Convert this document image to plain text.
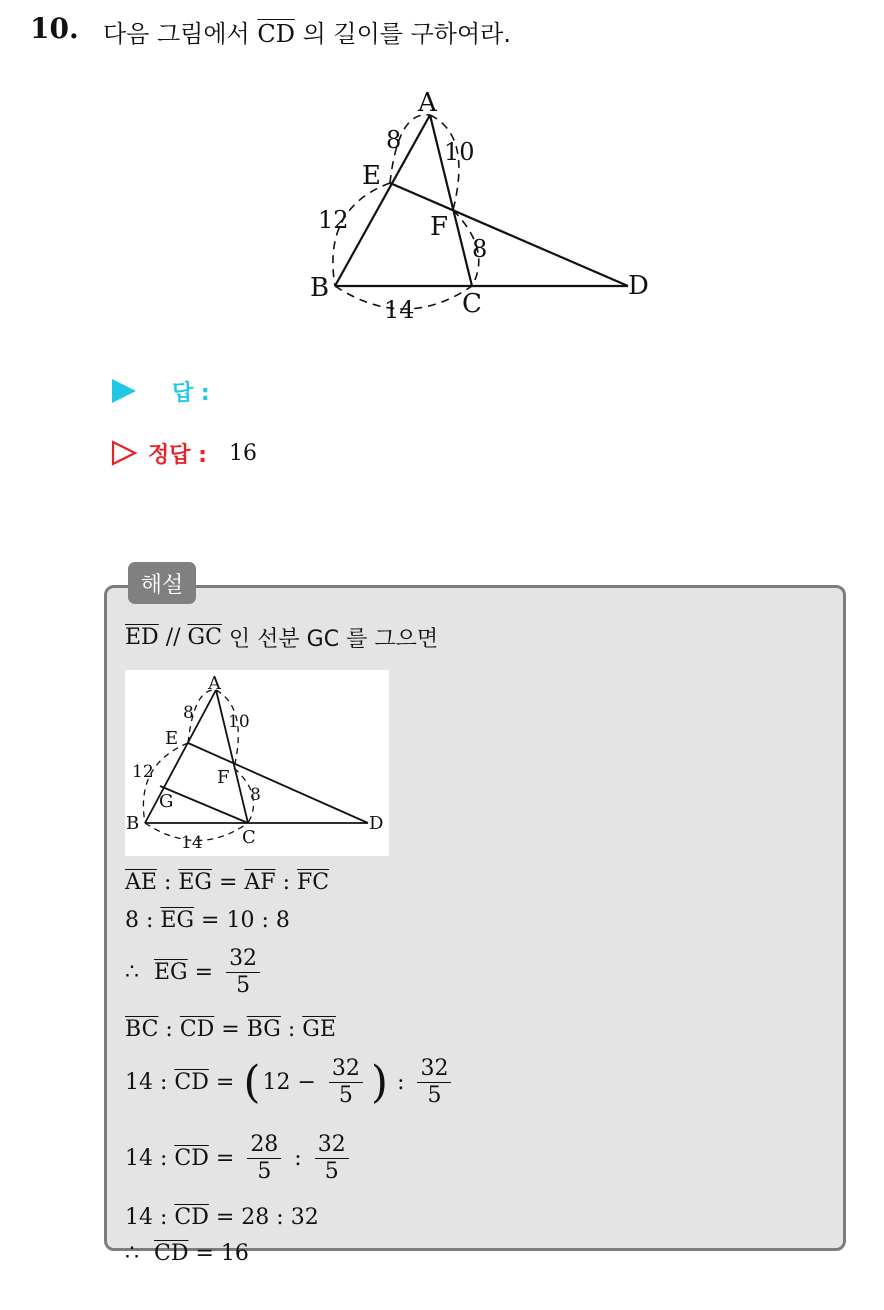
10. 다음 그림에서 $\overline{CD}$ 의 길이를 구하여라.
A
B
C
D
E
F
8
12
10
8
14
답 :
정답 : 16
해설
$\overline{ED} // \overline{GC}$ 인 선분 GC 를 그으면
A
B
C
D
E
F
G
8
12
10
8
14
$\overline{AE}$ : $\overline{EG} = \overline{AF}$ : $\overline{FC}$
8 : $\overline{EG} = 10$ : 8
∴ $\overline{EG} = \frac{32}{5}$
$\overline{BC}$ : $\overline{CD} = \overline{BG}$ : $\overline{GE}$
14 : $\overline{CD}$ = ( $12 - \frac{32}{5}$ ) : $\frac{32}{5}$
14 : $\overline{CD} = \frac{28}{5}$ : $\frac{32}{5}$
14 : $\overline{CD} = 28$ : 32
∴ $\overline{CD} = 16$
